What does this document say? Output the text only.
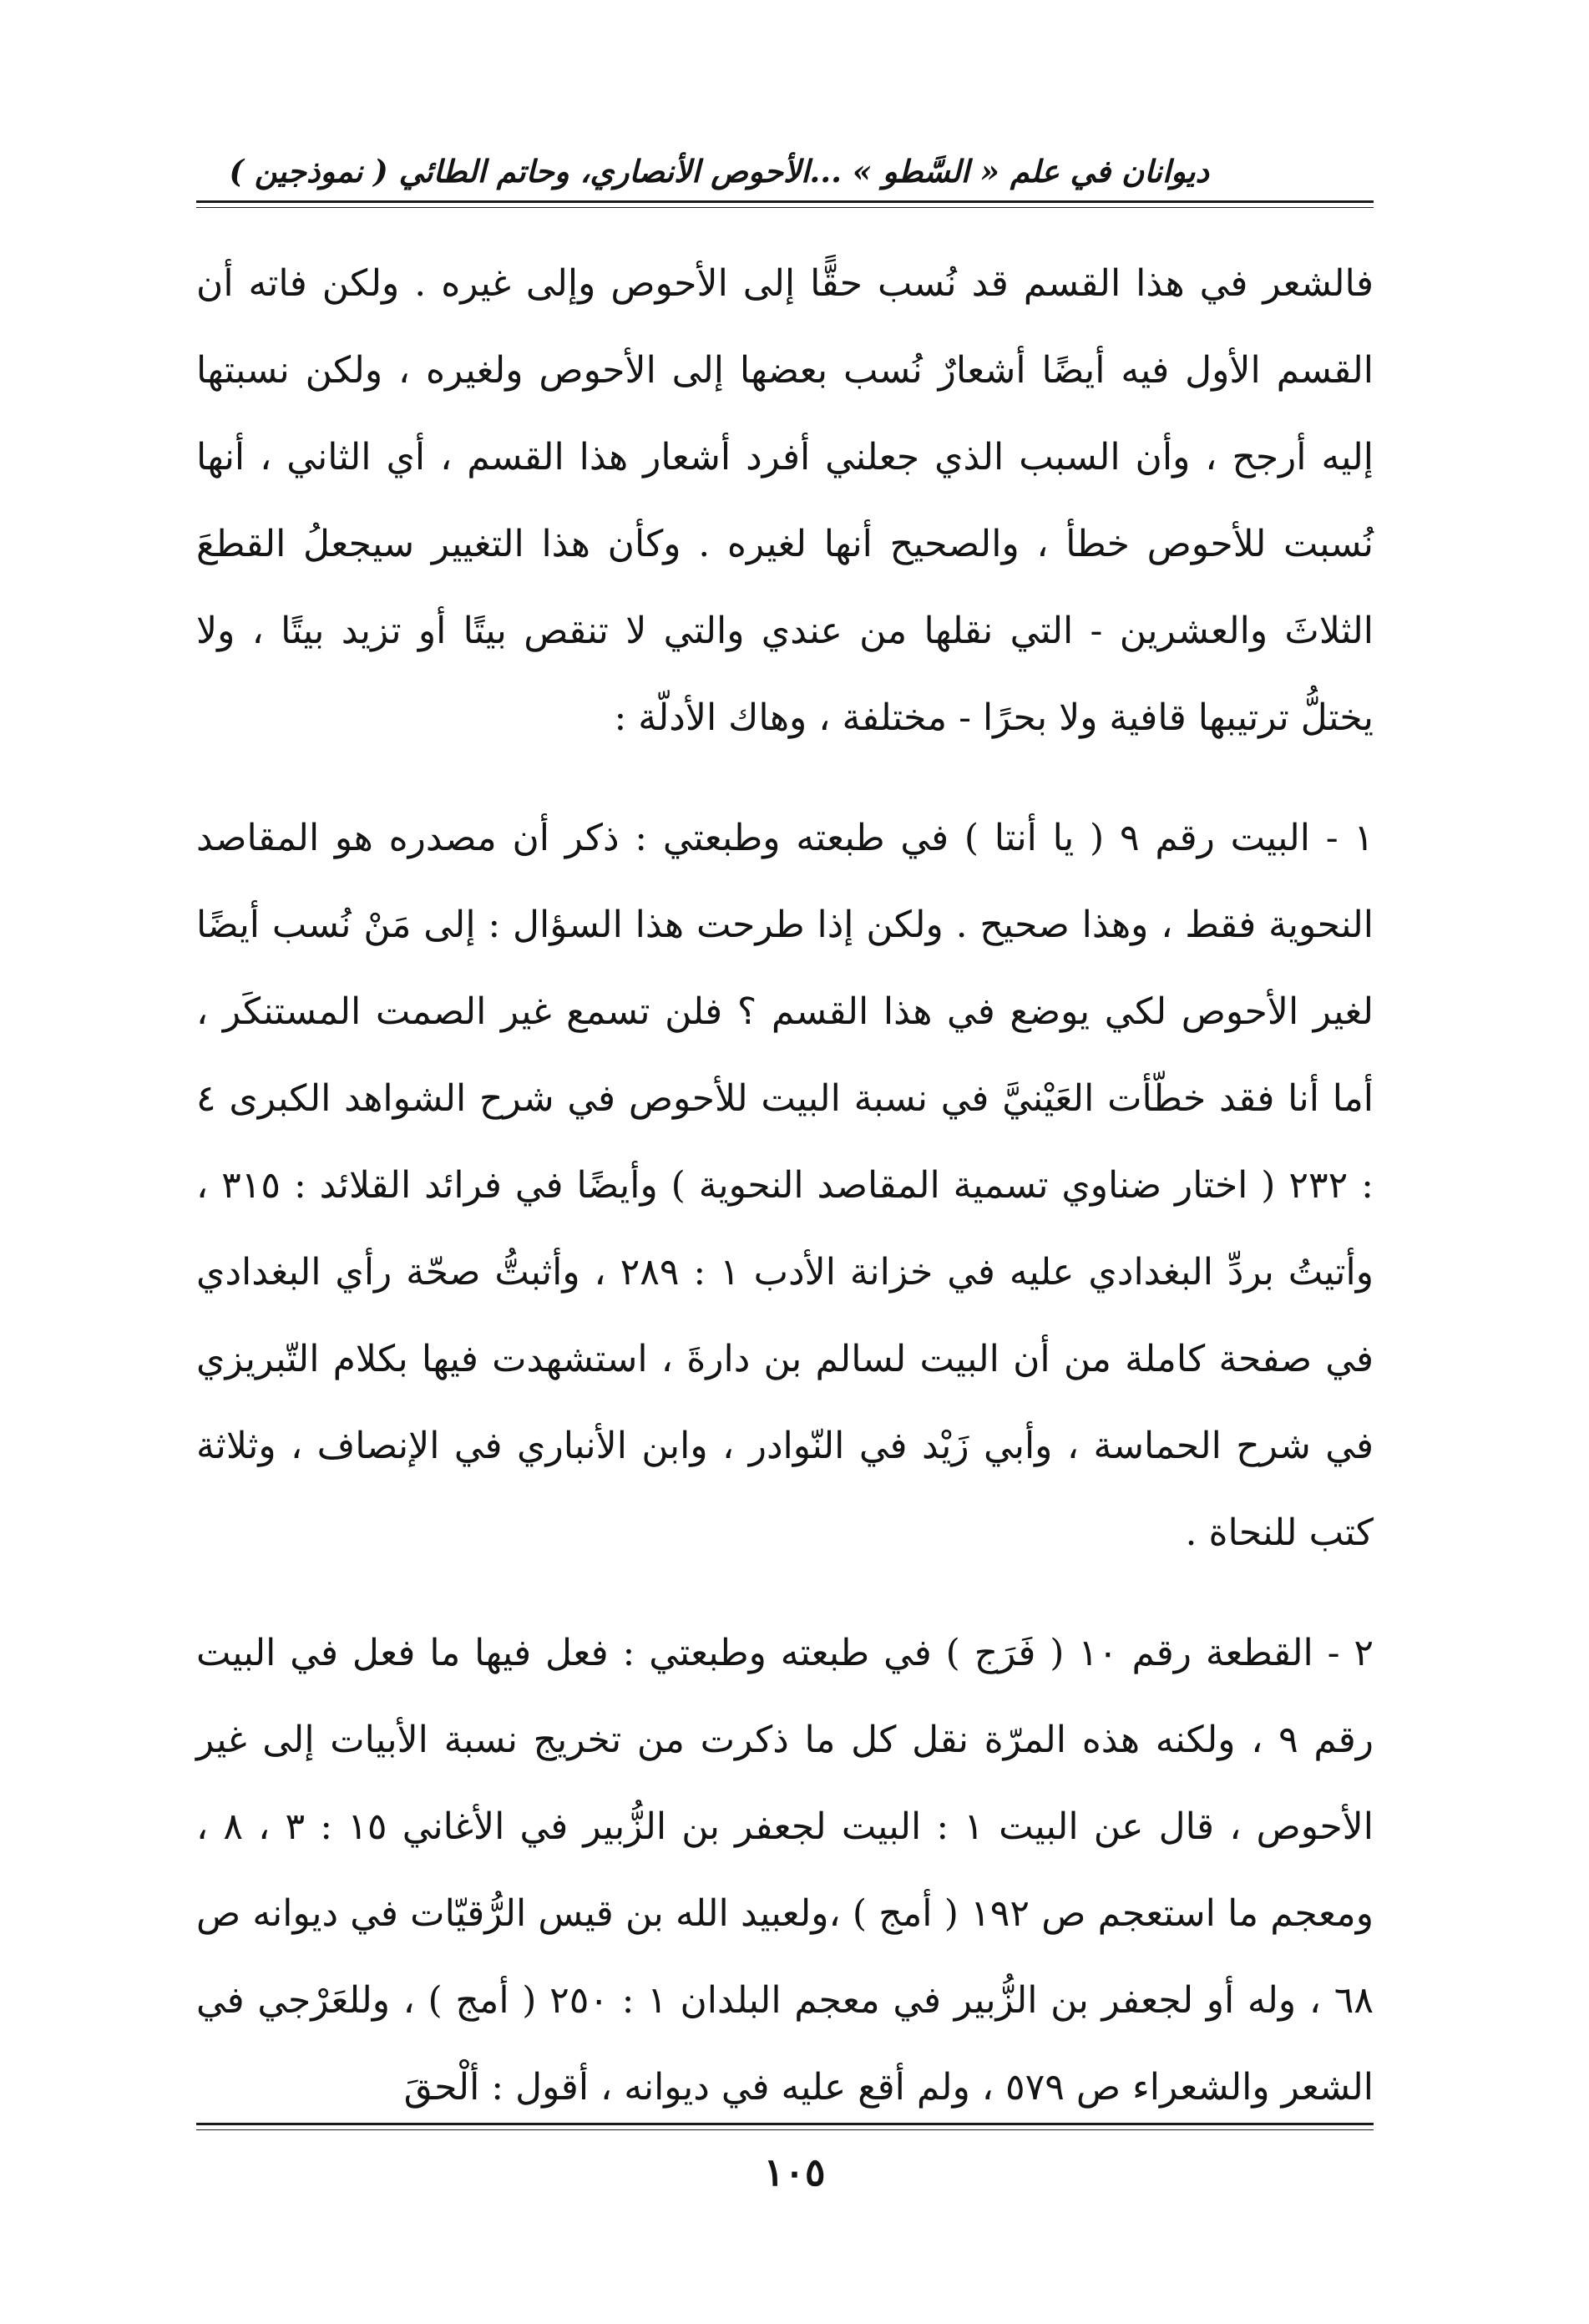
ديوانان في علم « السَّطو » ...الأحوص الأنصاري، وحاتم الطائي ( نموذجين )

فالشعر في هذا القسم قد نُسب حقًّا إلى الأحوص وإلى غيره . ولكن فاته أن القسم الأول فيه أيضًا أشعارٌ نُسب بعضها إلى الأحوص ولغيره ، ولكن نسبتها إليه أرجح ، وأن السبب الذي جعلني أفرد أشعار هذا القسم ، أي الثاني ، أنها نُسبت للأحوص خطأ ، والصحيح أنها لغيره . وكأن هذا التغيير سيجعلُ القطعَ الثلاثَ والعشرين - التي نقلها من عندي والتي لا تنقص بيتًا أو تزيد بيتًا ، ولا يختلُّ ترتيبها قافية ولا بحرًا - مختلفة ، وهاك الأدلّة :

١ - البيت رقم ٩ ( يا أنتا ) في طبعته وطبعتي : ذكر أن مصدره هو المقاصد النحوية فقط ، وهذا صحيح . ولكن إذا طرحت هذا السؤال : إلى مَنْ نُسب أيضًا لغير الأحوص لكي يوضع في هذا القسم ؟ فلن تسمع غير الصمت المستنكَر ، أما أنا فقد خطّأت العَيْنيَّ في نسبة البيت للأحوص في شرح الشواهد الكبرى ٤ : ٢٣٢ ( اختار ضناوي تسمية المقاصد النحوية ) وأيضًا في فرائد القلائد : ٣١٥ ، وأتيتُ بردِّ البغدادي عليه في خزانة الأدب ١ : ٢٨٩ ، وأثبتُّ صحّة رأي البغدادي في صفحة كاملة من أن البيت لسالم بن دارةَ ، استشهدت فيها بكلام التّبريزي في شرح الحماسة ، وأبي زَيْد في النّوادر ، وابن الأنباري في الإنصاف ، وثلاثة كتب للنحاة .

٢ - القطعة رقم ١٠ ( فَرَج ) في طبعته وطبعتي : فعل فيها ما فعل في البيت رقم ٩ ، ولكنه هذه المرّة نقل كل ما ذكرت من تخريج نسبة الأبيات إلى غير الأحوص ، قال عن البيت ١ : البيت لجعفر بن الزُّبير في الأغاني ١٥ : ٣ ، ٨ ، ومعجم ما استعجم ص ١٩٢ ( أمج ) ،ولعبيد الله بن قيس الرُّقيّات في ديوانه ص ٦٨ ، وله أو لجعفر بن الزُّبير في معجم البلدان ١ : ٢٥٠ ( أمج ) ، وللعَرْجي في الشعر والشعراء ص ٥٧٩ ، ولم أقع عليه في ديوانه ، أقول : ألْحقَ

١٠٥
